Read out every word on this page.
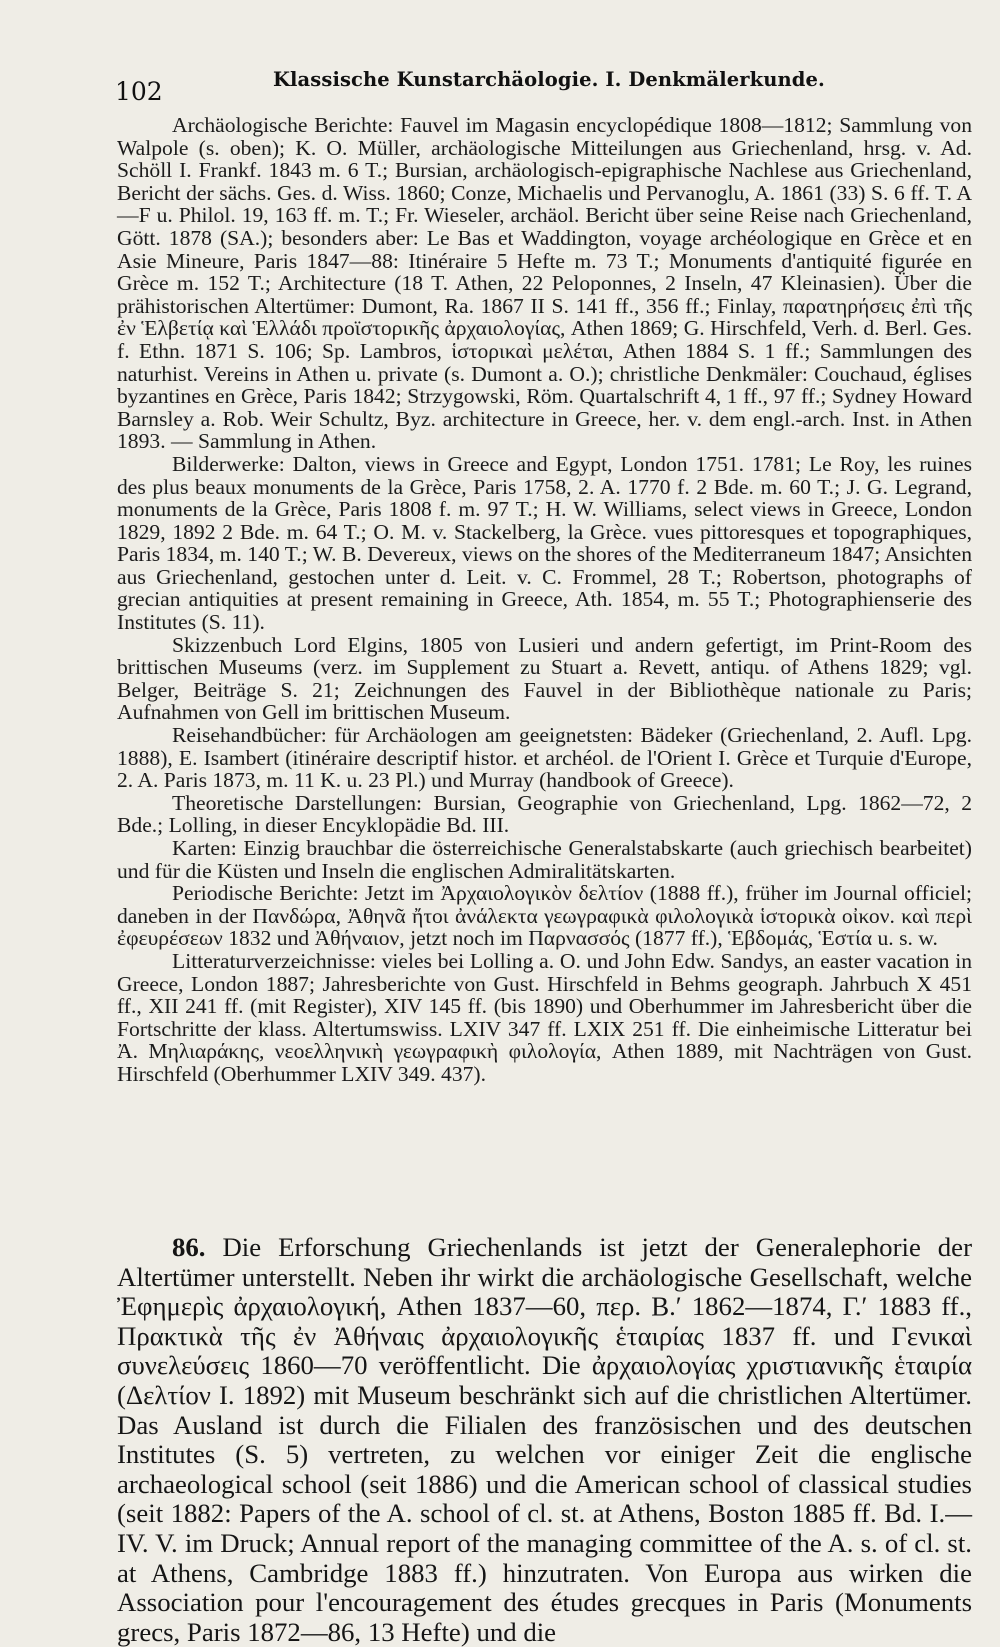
102	Klassische Kunstarchäologie. I. Denkmälerkunde.

Archäologische Berichte: Fauvel im Magasin encyclopédique 1808—1812; Sammlung von Walpole (s. oben); K. O. Müller, archäologische Mitteilungen aus Griechenland, hrsg. v. Ad. Schöll I. Frankf. 1843 m. 6 T.; Bursian, archäologisch-epigraphische Nachlese aus Griechenland, Bericht der sächs. Ges. d. Wiss. 1860; Conze, Michaelis und Pervanoglu, A. 1861 (33) S. 6 ff. T. A—F u. Philol. 19, 163 ff. m. T.; Fr. Wieseler, archäol. Bericht über seine Reise nach Griechenland, Gött. 1878 (SA.); besonders aber: Le Bas et Waddington, voyage archéologique en Grèce et en Asie Mineure, Paris 1847—88: Itinéraire 5 Hefte m. 73 T.; Monuments d'antiquité figurée en Grèce m. 152 T.; Architecture (18 T. Athen, 22 Peloponnes, 2 Inseln, 47 Kleinasien). Über die prähistorischen Altertümer: Dumont, Ra. 1867 II S. 141 ff., 356 ff.; Finlay, παρατηρήσεις ἐπὶ τῆς ἐν Ἑλβετίᾳ καὶ Ἑλλάδι προϊστορικῆς ἀρχαιολογίας, Athen 1869; G. Hirschfeld, Verh. d. Berl. Ges. f. Ethn. 1871 S. 106; Sp. Lambros, ἱστορικαὶ μελέται, Athen 1884 S. 1 ff.; Sammlungen des naturhist. Vereins in Athen u. private (s. Dumont a. O.); christliche Denkmäler: Couchaud, églises byzantines en Grèce, Paris 1842; Strzygowski, Röm. Quartalschrift 4, 1 ff., 97 ff.; Sydney Howard Barnsley a. Rob. Weir Schultz, Byz. architecture in Greece, her. v. dem engl.-arch. Inst. in Athen 1893. — Sammlung in Athen.

Bilderwerke: Dalton, views in Greece and Egypt, London 1751. 1781; Le Roy, les ruines des plus beaux monuments de la Grèce, Paris 1758, 2. A. 1770 f. 2 Bde. m. 60 T.; J. G. Legrand, monuments de la Grèce, Paris 1808 f. m. 97 T.; H. W. Williams, select views in Greece, London 1829, 1892 2 Bde. m. 64 T.; O. M. v. Stackelberg, la Grèce. vues pittoresques et topographiques, Paris 1834, m. 140 T.; W. B. Devereux, views on the shores of the Mediterraneum 1847; Ansichten aus Griechenland, gestochen unter d. Leit. v. C. Frommel, 28 T.; Robertson, photographs of grecian antiquities at present remaining in Greece, Ath. 1854, m. 55 T.; Photographienserie des Institutes (S. 11).

Skizzenbuch Lord Elgins, 1805 von Lusieri und andern gefertigt, im Print-Room des brittischen Museums (verz. im Supplement zu Stuart a. Revett, antiqu. of Athens 1829; vgl. Belger, Beiträge S. 21; Zeichnungen des Fauvel in der Bibliothèque nationale zu Paris; Aufnahmen von Gell im brittischen Museum.

Reisehandbücher: für Archäologen am geeignetsten: Bädeker (Griechenland, 2. Aufl. Lpg. 1888), E. Isambert (itinéraire descriptif histor. et archéol. de l'Orient I. Grèce et Turquie d'Europe, 2. A. Paris 1873, m. 11 K. u. 23 Pl.) und Murray (handbook of Greece).

Theoretische Darstellungen: Bursian, Geographie von Griechenland, Lpg. 1862—72, 2 Bde.; Lolling, in dieser Encyklopädie Bd. III.

Karten: Einzig brauchbar die österreichische Generalstabskarte (auch griechisch bearbeitet) und für die Küsten und Inseln die englischen Admiralitätskarten.

Periodische Berichte: Jetzt im Ἀρχαιολογικὸν δελτίον (1888 ff.), früher im Journal officiel; daneben in der Πανδώρα, Ἀθηνᾶ ἤτοι ἀνάλεκτα γεωγραφικὰ φιλολογικὰ ἱστορικὰ οἰκον. καὶ περὶ ἐφευρέσεων 1832 und Ἀθήναιον, jetzt noch im Παρνασσός (1877 ff.), Ἑβδομάς, Ἑστία u. s. w.

Litteraturverzeichnisse: vieles bei Lolling a. O. und John Edw. Sandys, an easter vacation in Greece, London 1887; Jahresberichte von Gust. Hirschfeld in Behms geograph. Jahrbuch X 451 ff., XII 241 ff. (mit Register), XIV 145 ff. (bis 1890) und Oberhummer im Jahresbericht über die Fortschritte der klass. Altertumswiss. LXIV 347 ff. LXIX 251 ff. Die einheimische Litteratur bei Ἀ. Μηλιαράκης, νεοελληνικὴ γεωγραφικὴ φιλολογία, Athen 1889, mit Nachträgen von Gust. Hirschfeld (Oberhummer LXIV 349. 437).

86. Die Erforschung Griechenlands ist jetzt der Generalephorie der Altertümer unterstellt. Neben ihr wirkt die archäologische Gesellschaft, welche Ἐφημερὶς ἀρχαιολογική, Athen 1837—60, περ. Β.′ 1862—1874, Γ.′ 1883 ff., Πρακτικὰ τῆς ἐν Ἀθήναις ἀρχαιολογικῆς ἑταιρίας 1837 ff. und Γενικαὶ συνελεύσεις 1860—70 veröffentlicht. Die ἀρχαιολογίας χριστιανικῆς ἑταιρία (Δελτίον I. 1892) mit Museum beschränkt sich auf die christlichen Altertümer. Das Ausland ist durch die Filialen des französischen und des deutschen Institutes (S. 5) vertreten, zu welchen vor einiger Zeit die englische archaeological school (seit 1886) und die American school of classical studies (seit 1882: Papers of the A. school of cl. st. at Athens, Boston 1885 ff. Bd. I.—IV. V. im Druck; Annual report of the managing committee of the A. s. of cl. st. at Athens, Cambridge 1883 ff.) hinzutraten. Von Europa aus wirken die Association pour l'encouragement des études grecques in Paris (Monuments grecs, Paris 1872—86, 13 Hefte) und die
